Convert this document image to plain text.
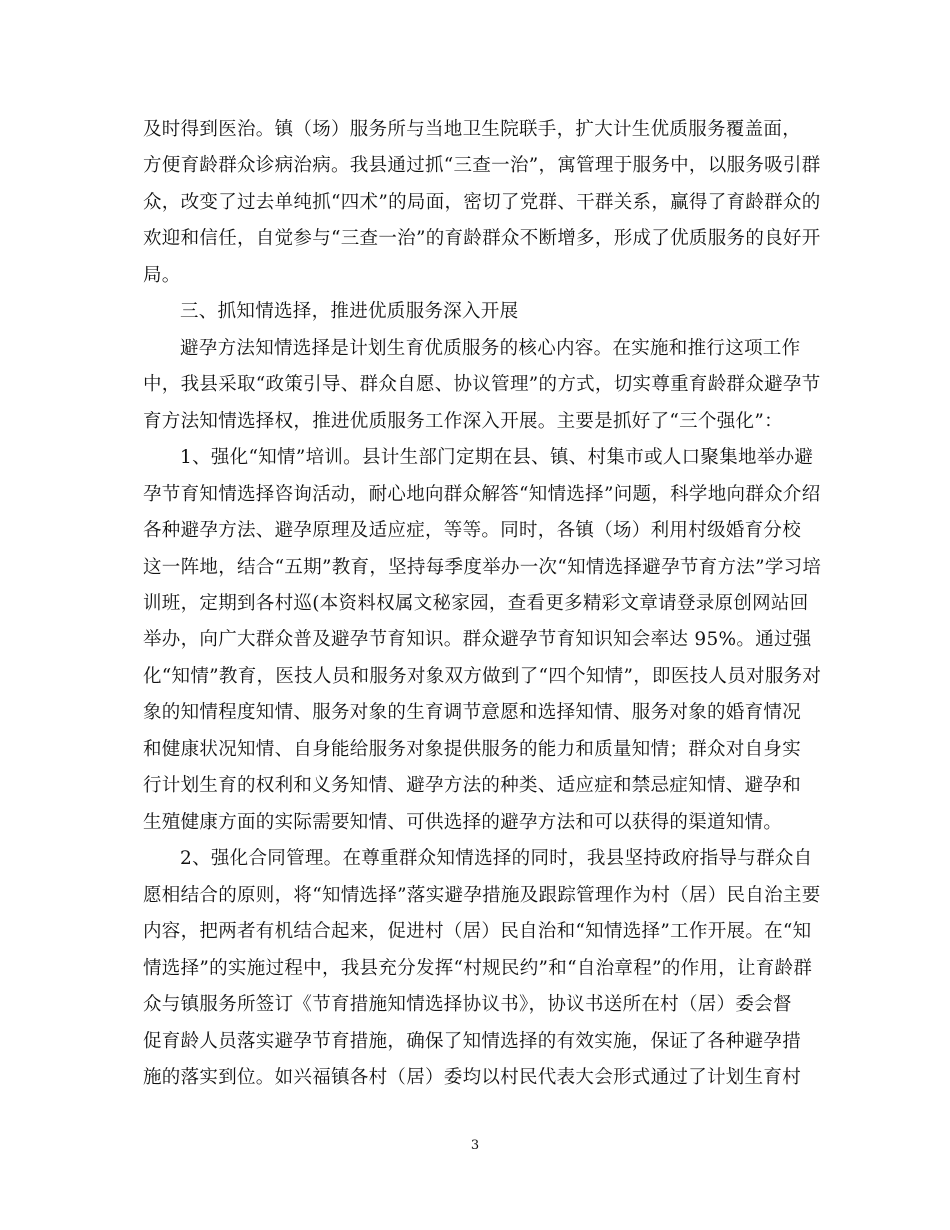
及时得到医治。镇（场）服务所与当地卫生院联手，扩大计生优质服务覆盖面，
方便育龄群众诊病治病。我县通过抓“三查一治”，寓管理于服务中，以服务吸引群
众，改变了过去单纯抓“四术”的局面，密切了党群、干群关系，赢得了育龄群众的
欢迎和信任，自觉参与“三查一治”的育龄群众不断增多，形成了优质服务的良好开
局。
三、抓知情选择，推进优质服务深入开展
避孕方法知情选择是计划生育优质服务的核心内容。在实施和推行这项工作
中，我县采取“政策引导、群众自愿、协议管理”的方式，切实尊重育龄群众避孕节
育方法知情选择权，推进优质服务工作深入开展。主要是抓好了“三个强化”：
1、强化“知情”培训。县计生部门定期在县、镇、村集市或人口聚集地举办避
孕节育知情选择咨询活动，耐心地向群众解答“知情选择”问题，科学地向群众介绍
各种避孕方法、避孕原理及适应症，等等。同时，各镇（场）利用村级婚育分校
这一阵地，结合“五期”教育，坚持每季度举办一次“知情选择避孕节育方法”学习培
训班，定期到各村巡(本资料权属文秘家园，查看更多精彩文章请登录原创网站回
举办，向广大群众普及避孕节育知识。群众避孕节育知识知会率达 95%。通过强
化“知情”教育，医技人员和服务对象双方做到了“四个知情”，即医技人员对服务对
象的知情程度知情、服务对象的生育调节意愿和选择知情、服务对象的婚育情况
和健康状况知情、自身能给服务对象提供服务的能力和质量知情；群众对自身实
行计划生育的权利和义务知情、避孕方法的种类、适应症和禁忌症知情、避孕和
生殖健康方面的实际需要知情、可供选择的避孕方法和可以获得的渠道知情。
2、强化合同管理。在尊重群众知情选择的同时，我县坚持政府指导与群众自
愿相结合的原则，将“知情选择”落实避孕措施及跟踪管理作为村（居）民自治主要
内容，把两者有机结合起来，促进村（居）民自治和“知情选择”工作开展。在“知
情选择”的实施过程中，我县充分发挥“村规民约”和“自治章程”的作用，让育龄群
众与镇服务所签订《节育措施知情选择协议书》，协议书送所在村（居）委会督
促育龄人员落实避孕节育措施，确保了知情选择的有效实施，保证了各种避孕措
施的落实到位。如兴福镇各村（居）委均以村民代表大会形式通过了计划生育村
3
